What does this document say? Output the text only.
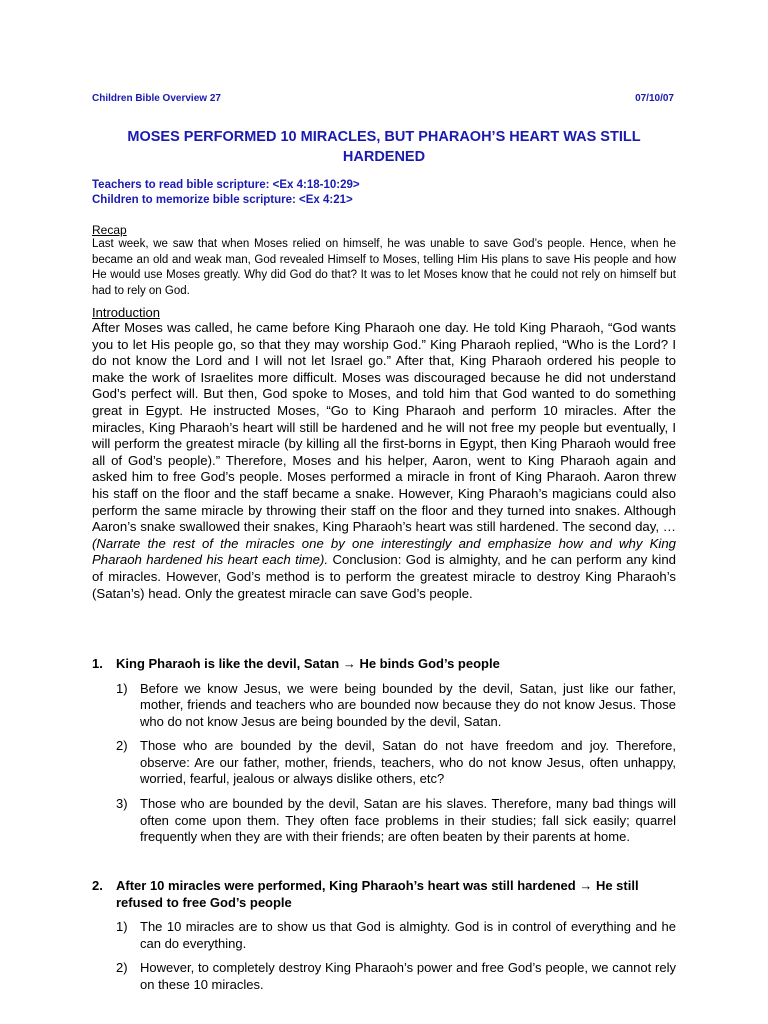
Children Bible Overview 27	07/10/07
MOSES PERFORMED 10 MIRACLES, BUT PHARAOH’S HEART WAS STILL
HARDENED
Teachers to read bible scripture: <Ex 4:18-10:29>
Children to memorize bible scripture: <Ex 4:21>
Recap
Last week, we saw that when Moses relied on himself, he was unable to save God’s people. Hence, when he became an old and weak man, God revealed Himself to Moses, telling Him His plans to save His people and how He would use Moses greatly. Why did God do that? It was to let Moses know that he could not rely on himself but had to rely on God.
Introduction
After Moses was called, he came before King Pharaoh one day. He told King Pharaoh, “God wants you to let His people go, so that they may worship God.” King Pharaoh replied, “Who is the Lord? I do not know the Lord and I will not let Israel go.” After that, King Pharaoh ordered his people to make the work of Israelites more difficult. Moses was discouraged because he did not understand God’s perfect will. But then, God spoke to Moses, and told him that God wanted to do something great in Egypt. He instructed Moses, “Go to King Pharaoh and perform 10 miracles. After the miracles, King Pharaoh’s heart will still be hardened and he will not free my people but eventually, I will perform the greatest miracle (by killing all the first-borns in Egypt, then King Pharaoh would free all of God’s people).” Therefore, Moses and his helper, Aaron, went to King Pharaoh again and asked him to free God’s people. Moses performed a miracle in front of King Pharaoh. Aaron threw his staff on the floor and the staff became a snake. However, King Pharaoh’s magicians could also perform the same miracle by throwing their staff on the floor and they turned into snakes. Although Aaron’s snake swallowed their snakes, King Pharaoh’s heart was still hardened. The second day, … (Narrate the rest of the miracles one by one interestingly and emphasize how and why King Pharaoh hardened his heart each time). Conclusion: God is almighty, and he can perform any kind of miracles. However, God’s method is to perform the greatest miracle to destroy King Pharaoh’s (Satan’s) head. Only the greatest miracle can save God’s people.
1.	King Pharaoh is like the devil, Satan → He binds God’s people
1) Before we know Jesus, we were being bounded by the devil, Satan, just like our father, mother, friends and teachers who are bounded now because they do not know Jesus. Those who do not know Jesus are being bounded by the devil, Satan.
2) Those who are bounded by the devil, Satan do not have freedom and joy. Therefore, observe: Are our father, mother, friends, teachers, who do not know Jesus, often unhappy, worried, fearful, jealous or always dislike others, etc?
3) Those who are bounded by the devil, Satan are his slaves. Therefore, many bad things will often come upon them. They often face problems in their studies; fall sick easily; quarrel frequently when they are with their friends; are often beaten by their parents at home.
2.	After 10 miracles were performed, King Pharaoh’s heart was still hardened → He still refused to free God’s people
1) The 10 miracles are to show us that God is almighty. God is in control of everything and he can do everything.
2) However, to completely destroy King Pharaoh’s power and free God’s people, we cannot rely on these 10 miracles.
